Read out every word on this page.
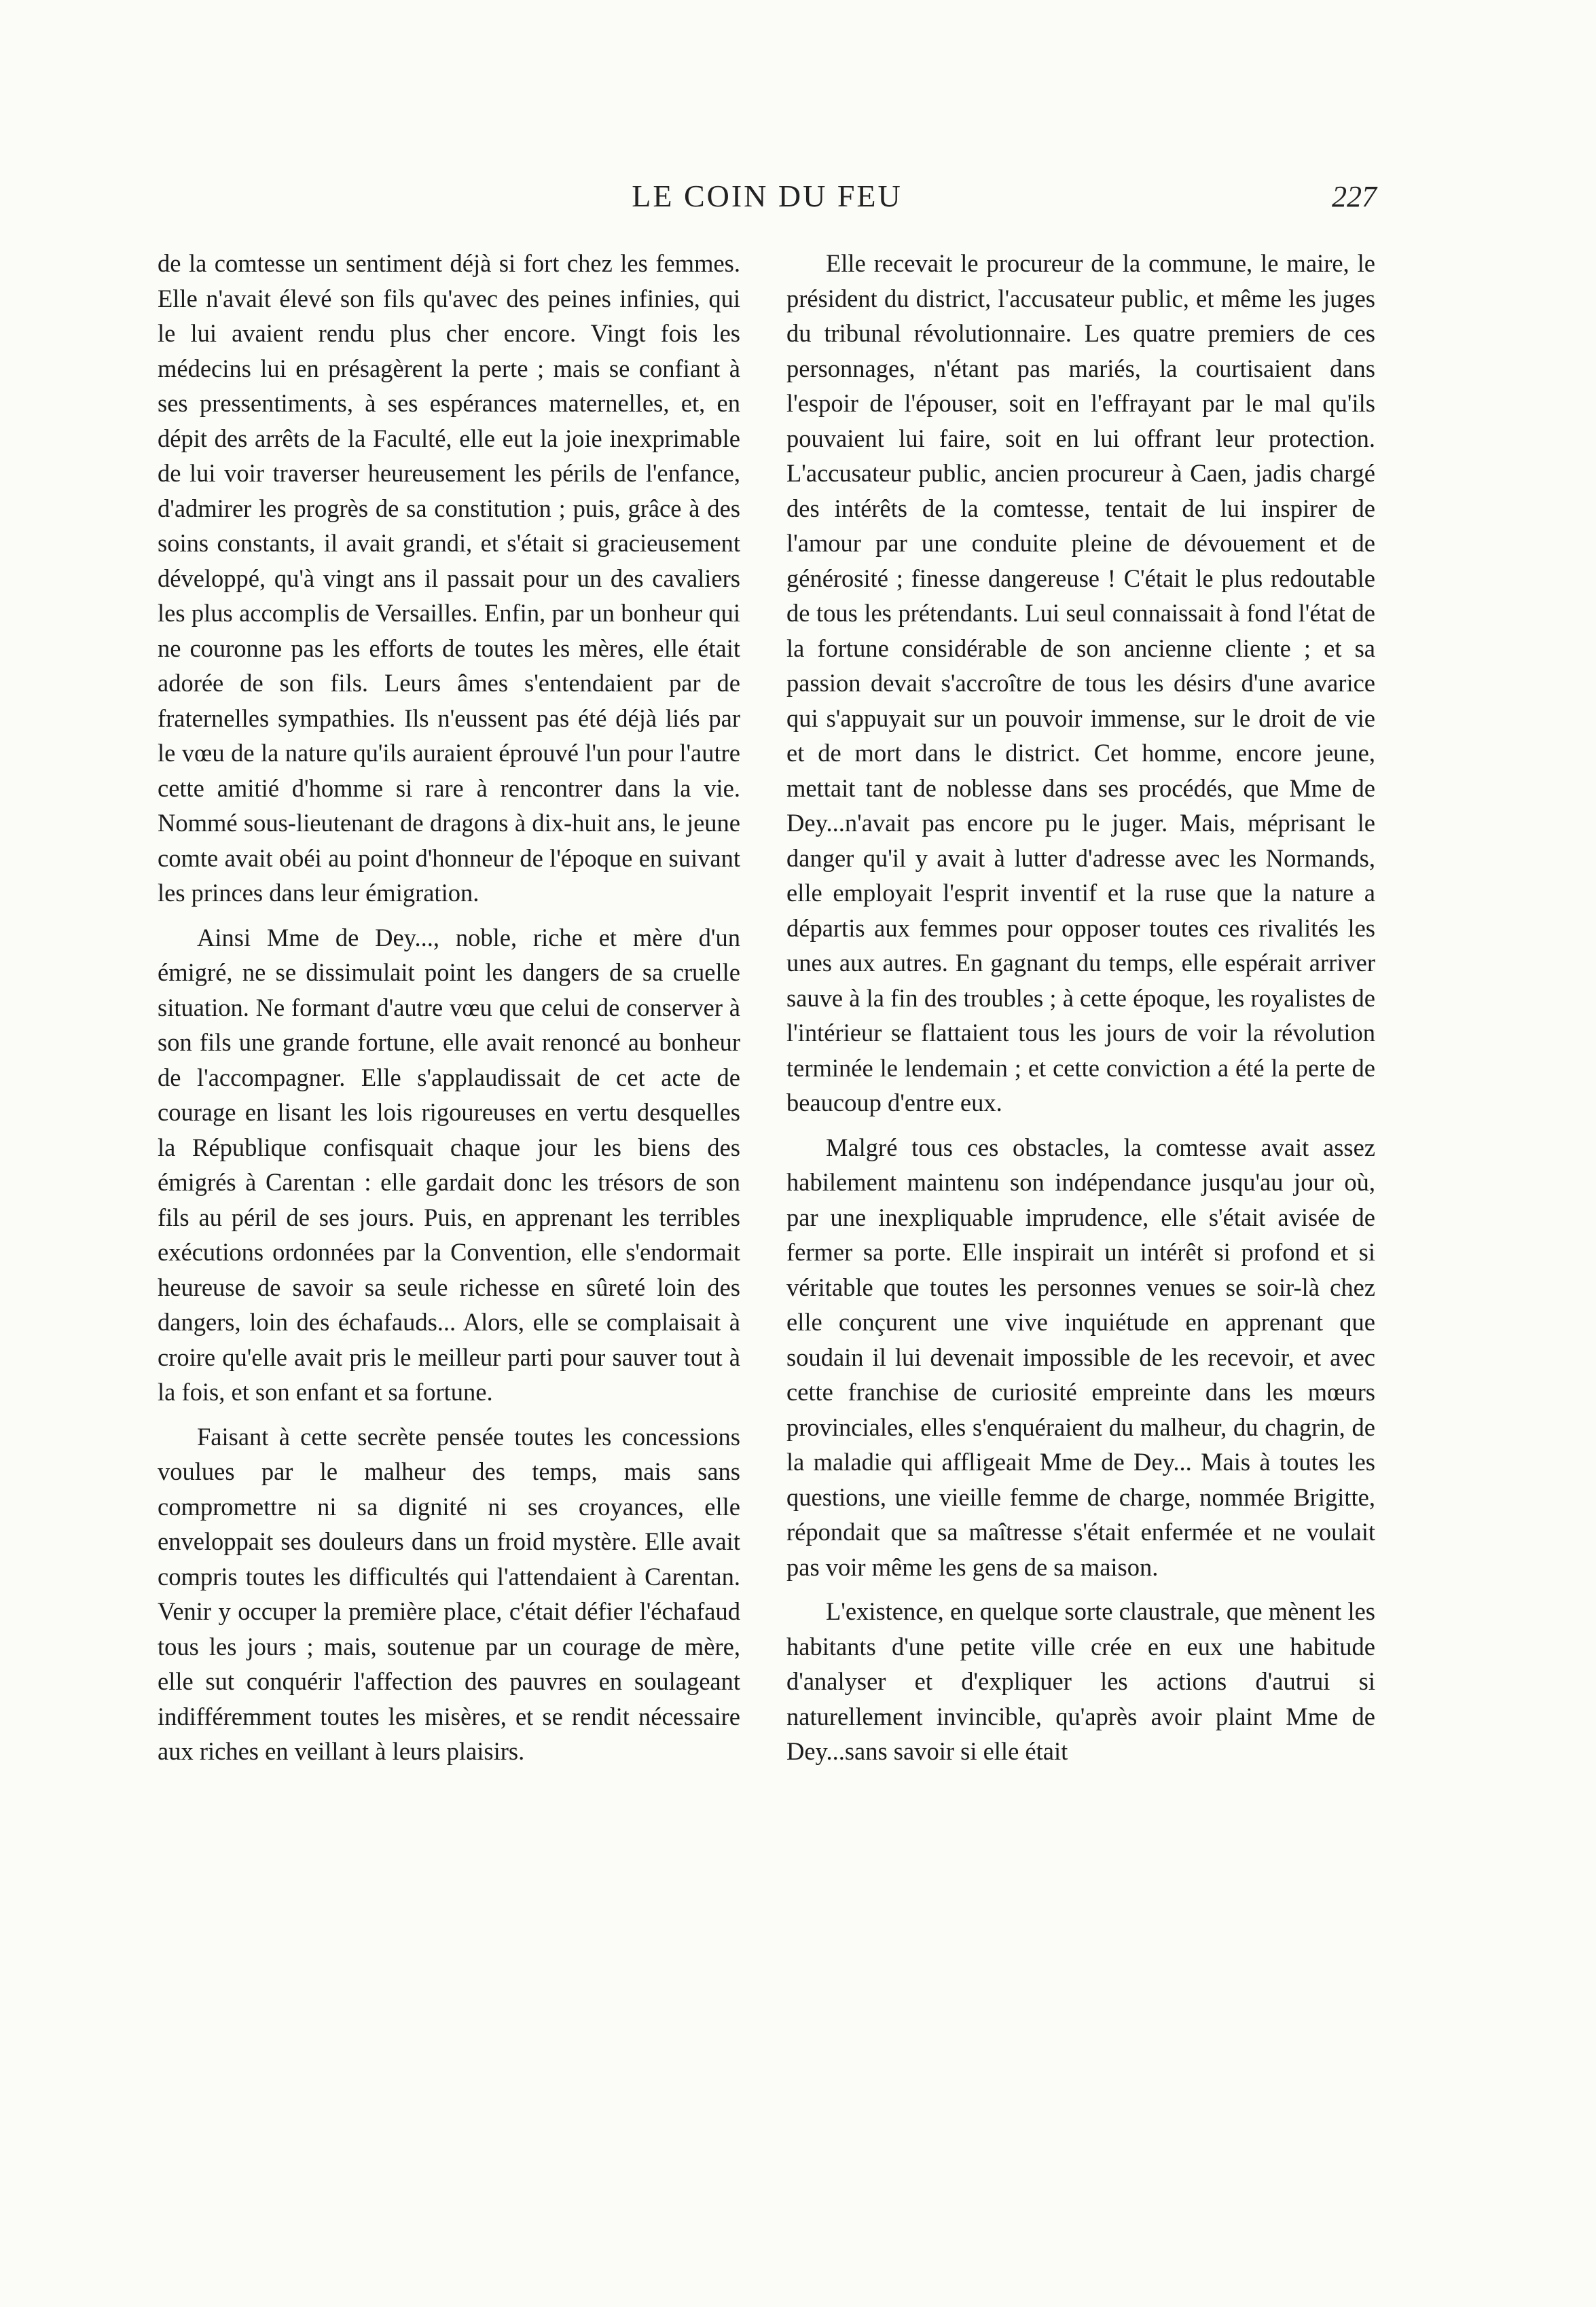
LE COIN DU FEU	227

de la comtesse un sentiment déjà si fort chez les femmes. Elle n'avait élevé son fils qu'avec des peines infinies, qui le lui avaient rendu plus cher encore. Vingt fois les médecins lui en présagèrent la perte ; mais se confiant à ses pressentiments, à ses espérances maternelles, et, en dépit des arrêts de la Faculté, elle eut la joie inexprimable de lui voir traverser heureusement les périls de l'enfance, d'admirer les progrès de sa constitution ; puis, grâce à des soins constants, il avait grandi, et s'était si gracieusement développé, qu'à vingt ans il passait pour un des cavaliers les plus accomplis de Versailles. Enfin, par un bonheur qui ne couronne pas les efforts de toutes les mères, elle était adorée de son fils. Leurs âmes s'entendaient par de fraternelles sympathies. Ils n'eussent pas été déjà liés par le vœu de la nature qu'ils auraient éprouvé l'un pour l'autre cette amitié d'homme si rare à rencontrer dans la vie. Nommé sous-lieutenant de dragons à dix-huit ans, le jeune comte avait obéi au point d'honneur de l'époque en suivant les princes dans leur émigration.

Ainsi Mme de Dey..., noble, riche et mère d'un émigré, ne se dissimulait point les dangers de sa cruelle situation. Ne formant d'autre vœu que celui de conserver à son fils une grande fortune, elle avait renoncé au bonheur de l'accompagner. Elle s'applaudissait de cet acte de courage en lisant les lois rigoureuses en vertu desquelles la République confisquait chaque jour les biens des émigrés à Carentan : elle gardait donc les trésors de son fils au péril de ses jours. Puis, en apprenant les terribles exécutions ordonnées par la Convention, elle s'endormait heureuse de savoir sa seule richesse en sûreté loin des dangers, loin des échafauds... Alors, elle se complaisait à croire qu'elle avait pris le meilleur parti pour sauver tout à la fois, et son enfant et sa fortune.

Faisant à cette secrète pensée toutes les concessions voulues par le malheur des temps, mais sans compromettre ni sa dignité ni ses croyances, elle enveloppait ses douleurs dans un froid mystère. Elle avait compris toutes les difficultés qui l'attendaient à Carentan. Venir y occuper la première place, c'était défier l'échafaud tous les jours ; mais, soutenue par un courage de mère, elle sut conquérir l'affection des pauvres en soulageant indifféremment toutes les misères, et se rendit nécessaire aux riches en veillant à leurs plaisirs.

Elle recevait le procureur de la commune, le maire, le président du district, l'accusateur public, et même les juges du tribunal révolutionnaire. Les quatre premiers de ces personnages, n'étant pas mariés, la courtisaient dans l'espoir de l'épouser, soit en l'effrayant par le mal qu'ils pouvaient lui faire, soit en lui offrant leur protection. L'accusateur public, ancien procureur à Caen, jadis chargé des intérêts de la comtesse, tentait de lui inspirer de l'amour par une conduite pleine de dévouement et de générosité ; finesse dangereuse ! C'était le plus redoutable de tous les prétendants. Lui seul connaissait à fond l'état de la fortune considérable de son ancienne cliente ; et sa passion devait s'accroître de tous les désirs d'une avarice qui s'appuyait sur un pouvoir immense, sur le droit de vie et de mort dans le district. Cet homme, encore jeune, mettait tant de noblesse dans ses procédés, que Mme de Dey...n'avait pas encore pu le juger. Mais, méprisant le danger qu'il y avait à lutter d'adresse avec les Normands, elle employait l'esprit inventif et la ruse que la nature a départis aux femmes pour opposer toutes ces rivalités les unes aux autres. En gagnant du temps, elle espérait arriver sauve à la fin des troubles ; à cette époque, les royalistes de l'intérieur se flattaient tous les jours de voir la révolution terminée le lendemain ; et cette conviction a été la perte de beaucoup d'entre eux.

Malgré tous ces obstacles, la comtesse avait assez habilement maintenu son indépendance jusqu'au jour où, par une inexpliquable imprudence, elle s'était avisée de fermer sa porte. Elle inspirait un intérêt si profond et si véritable que toutes les personnes venues se soir-là chez elle conçurent une vive inquiétude en apprenant que soudain il lui devenait impossible de les recevoir, et avec cette franchise de curiosité empreinte dans les mœurs provinciales, elles s'enquéraient du malheur, du chagrin, de la maladie qui affligeait Mme de Dey... Mais à toutes les questions, une vieille femme de charge, nommée Brigitte, répondait que sa maîtresse s'était enfermée et ne voulait pas voir même les gens de sa maison.

L'existence, en quelque sorte claustrale, que mènent les habitants d'une petite ville crée en eux une habitude d'analyser et d'expliquer les actions d'autrui si naturellement invincible, qu'après avoir plaint Mme de Dey...sans savoir si elle était
